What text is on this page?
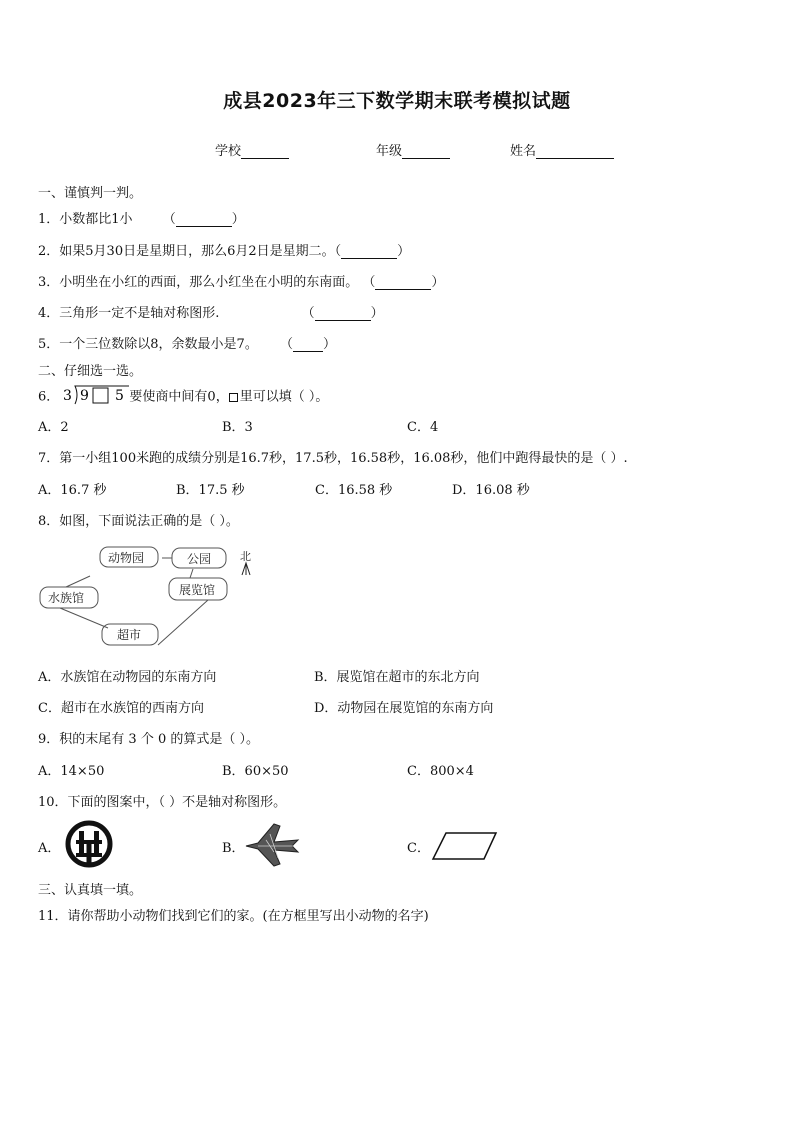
成县2023年三下数学期末联考模拟试题
学校	年级	姓名
一、谨慎判一判。
1．小数都比1小 （	）
2．如果5月30日是星期日，那么6月2日是星期二。（	）
3．小明坐在小红的西面，那么小红坐在小明的东南面。 （	）
4．三角形一定不是轴对称图形.	（	）
5．一个三位数除以8，余数最小是7。 （ ）
二、仔细选一选。
6． 3 9 5 要使商中间有0， 里可以填（ ）。
A．2	B．3	C．4
7．第一小组100米跑的成绩分别是16.7秒，17.5秒，16.58秒，16.08秒，他们中跑得最快的是（ ）.
A．16.7 秒	B．17.5 秒	C．16.58 秒	D．16.08 秒
8．如图，下面说法正确的是（ ）。
动物园	公园
展览馆
水族馆
超市
北
A．水族馆在动物园的东南方向	B．展览馆在超市的东北方向
C．超市在水族馆的西南方向	D．动物园在展览馆的东南方向
9．积的末尾有 3 个 0 的算式是（ ）。
A．14×50	B．60×50	C．800×4
10．下面的图案中，（ ）不是轴对称图形。
A．	B．	C．
三、认真填一填。
11．请你帮助小动物们找到它们的家。(在方框里写出小动物的名字)
